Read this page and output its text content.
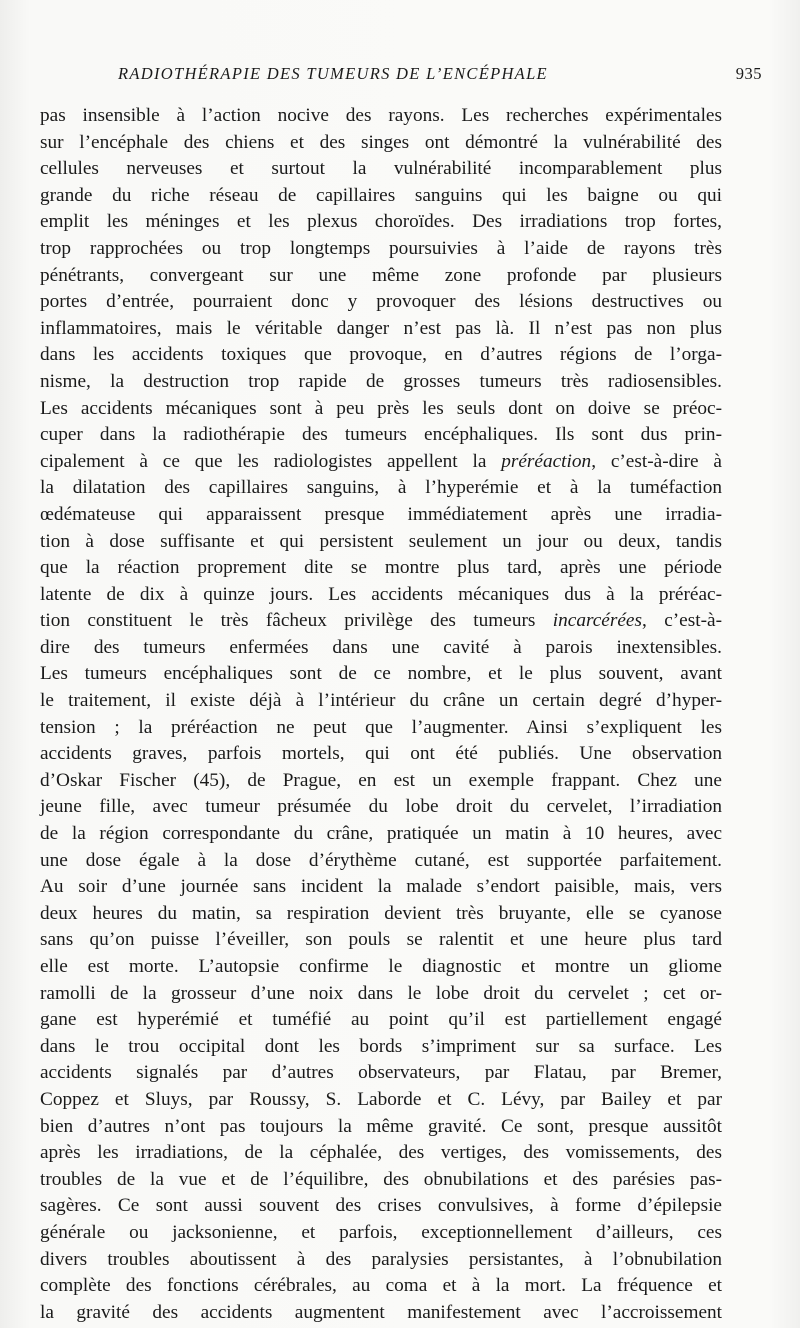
RADIOTHÉRAPIE DES TUMEURS DE L’ENCÉPHALE	935
pas insensible à l’action nocive des rayons. Les recherches expérimentales
sur l’encéphale des chiens et des singes ont démontré la vulnérabilité des
cellules nerveuses et surtout la vulnérabilité incomparablement plus
grande du riche réseau de capillaires sanguins qui les baigne ou qui
emplit les méninges et les plexus choroïdes. Des irradiations trop fortes,
trop rapprochées ou trop longtemps poursuivies à l’aide de rayons très
pénétrants, convergeant sur une même zone profonde par plusieurs
portes d’entrée, pourraient donc y provoquer des lésions destructives ou
inflammatoires, mais le véritable danger n’est pas là. Il n’est pas non plus
dans les accidents toxiques que provoque, en d’autres régions de l’orga-
nisme, la destruction trop rapide de grosses tumeurs très radiosensibles.
Les accidents mécaniques sont à peu près les seuls dont on doive se préoc-
cuper dans la radiothérapie des tumeurs encéphaliques. Ils sont dus prin-
cipalement à ce que les radiologistes appellent la préréaction, c’est-à-dire à
la dilatation des capillaires sanguins, à l’hyperémie et à la tuméfaction
œdémateuse qui apparaissent presque immédiatement après une irradia-
tion à dose suffisante et qui persistent seulement un jour ou deux, tandis
que la réaction proprement dite se montre plus tard, après une période
latente de dix à quinze jours. Les accidents mécaniques dus à la préréac-
tion constituent le très fâcheux privilège des tumeurs incarcérées, c’est-à-
dire des tumeurs enfermées dans une cavité à parois inextensibles.
Les tumeurs encéphaliques sont de ce nombre, et le plus souvent, avant
le traitement, il existe déjà à l’intérieur du crâne un certain degré d’hyper-
tension ; la préréaction ne peut que l’augmenter. Ainsi s’expliquent les
accidents graves, parfois mortels, qui ont été publiés. Une observation
d’Oskar Fischer (45), de Prague, en est un exemple frappant. Chez une
jeune fille, avec tumeur présumée du lobe droit du cervelet, l’irradiation
de la région correspondante du crâne, pratiquée un matin à 10 heures, avec
une dose égale à la dose d’érythème cutané, est supportée parfaitement.
Au soir d’une journée sans incident la malade s’endort paisible, mais, vers
deux heures du matin, sa respiration devient très bruyante, elle se cyanose
sans qu’on puisse l’éveiller, son pouls se ralentit et une heure plus tard
elle est morte. L’autopsie confirme le diagnostic et montre un gliome
ramolli de la grosseur d’une noix dans le lobe droit du cervelet ; cet or-
gane est hyperémié et tuméfié au point qu’il est partiellement engagé
dans le trou occipital dont les bords s’impriment sur sa surface. Les
accidents signalés par d’autres observateurs, par Flatau, par Bremer,
Coppez et Sluys, par Roussy, S. Laborde et C. Lévy, par Bailey et par
bien d’autres n’ont pas toujours la même gravité. Ce sont, presque aussitôt
après les irradiations, de la céphalée, des vertiges, des vomissements, des
troubles de la vue et de l’équilibre, des obnubilations et des parésies pas-
sagères. Ce sont aussi souvent des crises convulsives, à forme d’épilepsie
générale ou jacksonienne, et parfois, exceptionnellement d’ailleurs, ces
divers troubles aboutissent à des paralysies persistantes, à l’obnubilation
complète des fonctions cérébrales, au coma et à la mort. La fréquence et
la gravité des accidents augmentent manifestement avec l’accroissement
